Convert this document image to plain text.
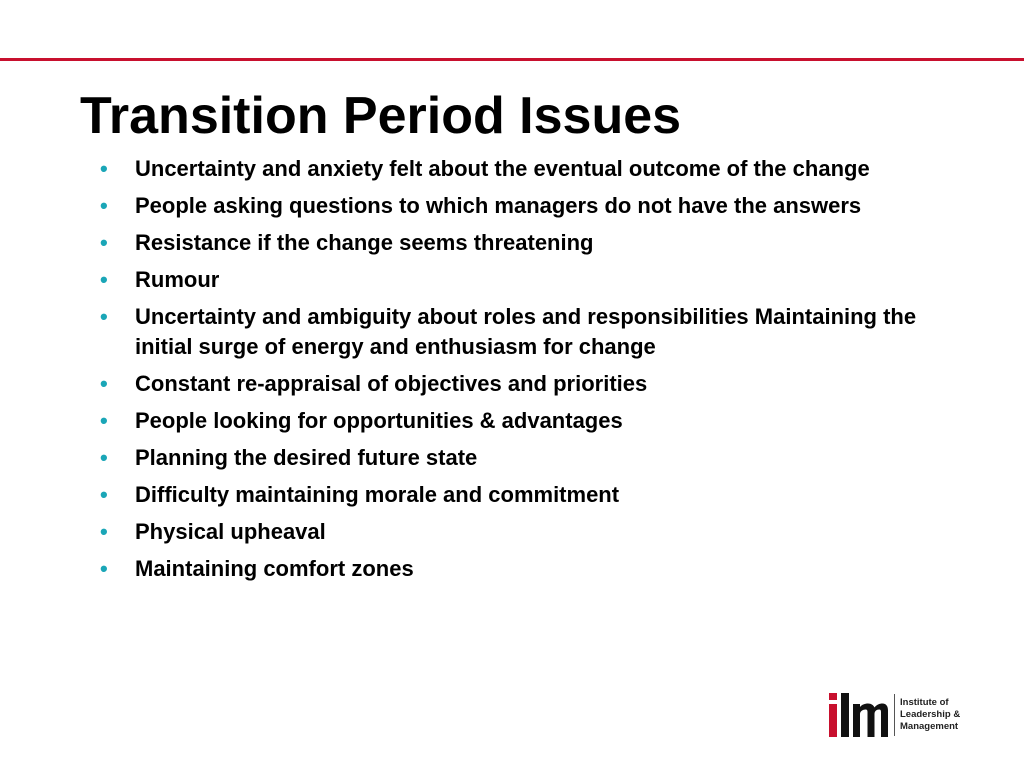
Transition Period Issues
• Uncertainty and anxiety felt about the eventual outcome of the change
• People asking questions to which managers do not have the answers
• Resistance if the change seems threatening
• Rumour
• Uncertainty and ambiguity about roles and responsibilities Maintaining the initial surge of energy and enthusiasm for change
• Constant re-appraisal of objectives and priorities
• People looking for opportunities & advantages
• Planning the desired future state
• Difficulty maintaining morale and commitment
• Physical upheaval
• Maintaining comfort zones
Institute of
Leadership &
Management
